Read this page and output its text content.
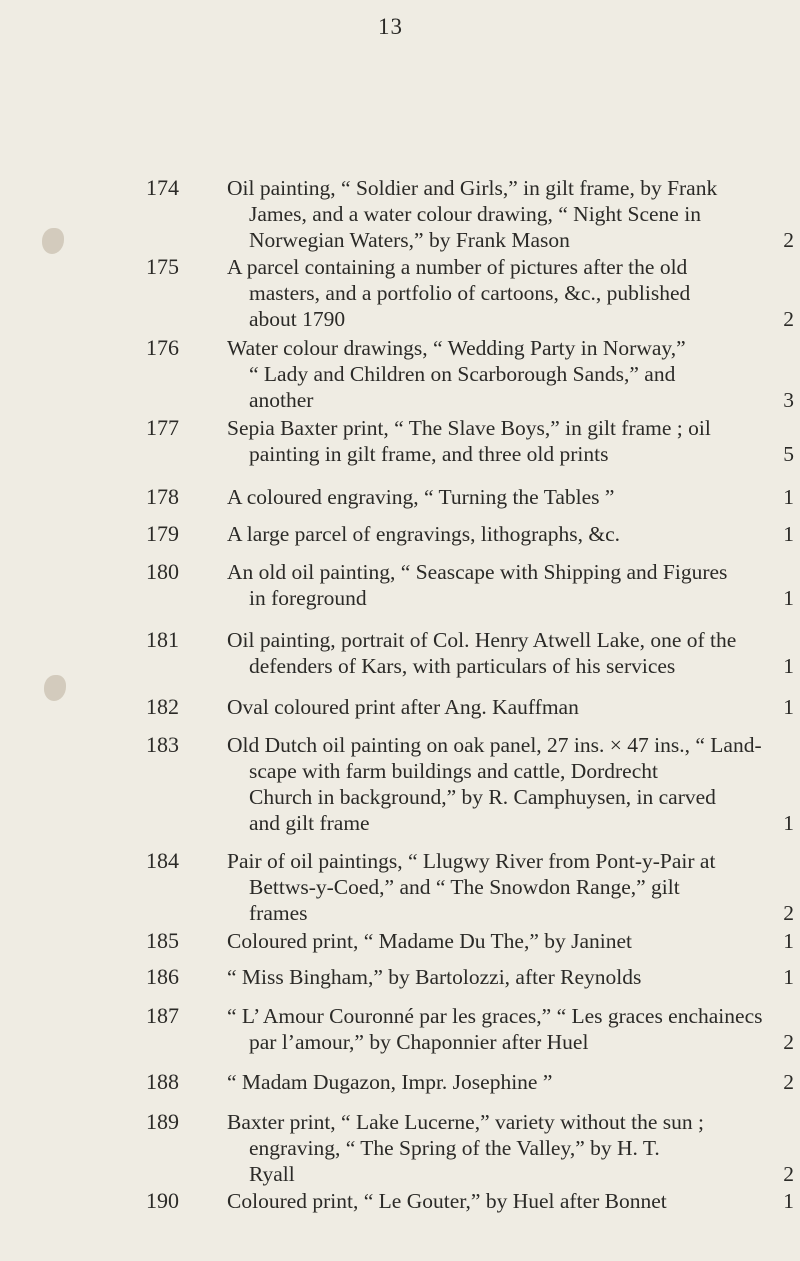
13
174	Oil painting, “ Soldier and Girls,” in gilt frame, by Frank
James, and a water colour drawing, “ Night Scene in
Norwegian Waters,” by Frank Mason	2
175	A parcel containing a number of pictures after the old
masters, and a portfolio of cartoons, &c., published
about 1790	2
176	Water colour drawings, “ Wedding Party in Norway,”
“ Lady and Children on Scarborough Sands,” and
another	3
177	Sepia Baxter print, “ The Slave Boys,” in gilt frame ; oil
painting in gilt frame, and three old prints	5
178	A coloured engraving, “ Turning the Tables ”	1
179	A large parcel of engravings, lithographs, &c.	1
180	An old oil painting, “ Seascape with Shipping and Figures
in foreground	1
181	Oil painting, portrait of Col. Henry Atwell Lake, one of the
defenders of Kars, with particulars of his services	1
182	Oval coloured print after Ang. Kauffman	1
183	Old Dutch oil painting on oak panel, 27 ins. × 47 ins., “ Land-
scape with farm buildings and cattle, Dordrecht
Church in background,” by R. Camphuysen, in carved
and gilt frame	1
184	Pair of oil paintings, “ Llugwy River from Pont-y-Pair at
Bettws-y-Coed,” and “ The Snowdon Range,” gilt
frames	2
185	Coloured print, “ Madame Du The,” by Janinet	1
186	“ Miss Bingham,” by Bartolozzi, after Reynolds	1
187	“ L’ Amour Couronné par les graces,” “ Les graces enchainecs
par l’amour,” by Chaponnier after Huel	2
188	“ Madam Dugazon, Impr. Josephine ”	2
189	Baxter print, “ Lake Lucerne,” variety without the sun ;
engraving, “ The Spring of the Valley,” by H. T.
Ryall	2
190	Coloured print, “ Le Gouter,” by Huel after Bonnet	1
